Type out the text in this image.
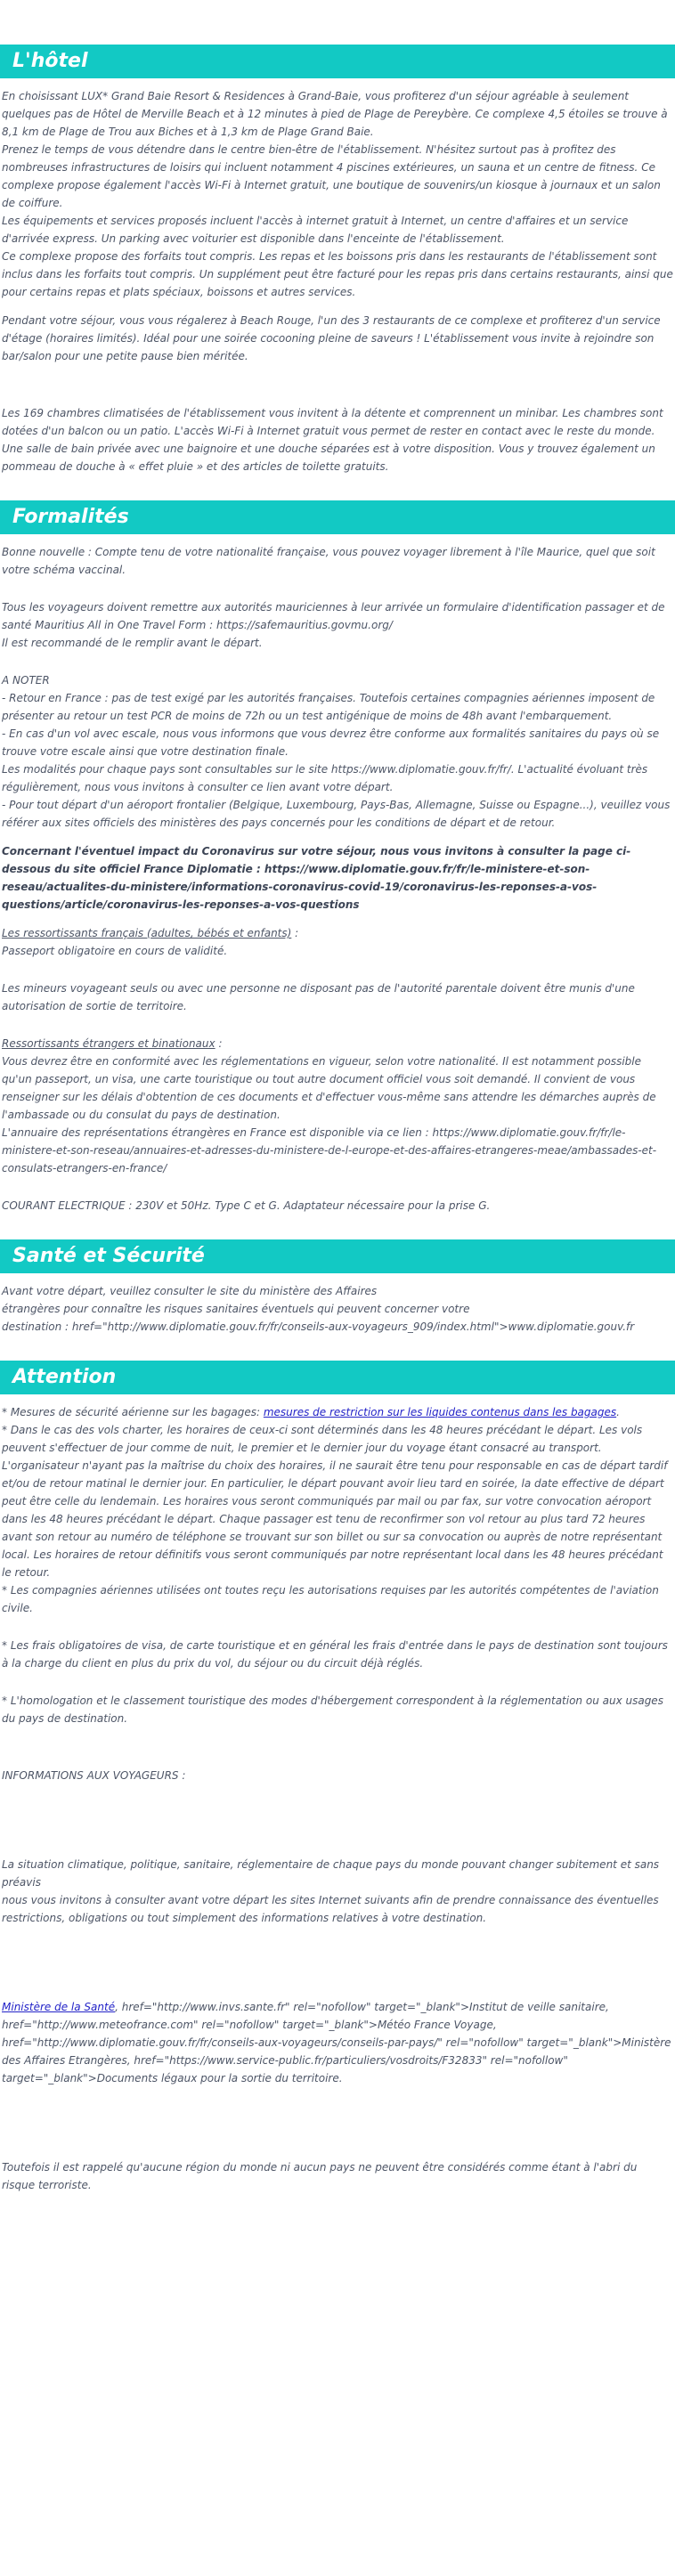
L'hôtel

En choisissant LUX* Grand Baie Resort & Residences à Grand-Baie, vous profiterez d'un séjour agréable à seulement quelques pas de Hôtel de Merville Beach et à 12 minutes à pied de Plage de Pereybère. Ce complexe 4,5 étoiles se trouve à 8,1 km de Plage de Trou aux Biches et à 1,3 km de Plage Grand Baie.

Prenez le temps de vous détendre dans le centre bien-être de l'établissement. N'hésitez surtout pas à profitez des nombreuses infrastructures de loisirs qui incluent notamment 4 piscines extérieures, un sauna et un centre de fitness. Ce complexe propose également l'accès Wi-Fi à Internet gratuit, une boutique de souvenirs/un kiosque à journaux et un salon de coiffure.

Les équipements et services proposés incluent l'accès à internet gratuit à Internet, un centre d'affaires et un service d'arrivée express. Un parking avec voiturier est disponible dans l'enceinte de l'établissement.

Ce complexe propose des forfaits tout compris. Les repas et les boissons pris dans les restaurants de l'établissement sont inclus dans les forfaits tout compris. Un supplément peut être facturé pour les repas pris dans certains restaurants, ainsi que pour certains repas et plats spéciaux, boissons et autres services.

Pendant votre séjour, vous vous régalerez à Beach Rouge, l'un des 3 restaurants de ce complexe et profiterez d'un service d'étage (horaires limités). Idéal pour une soirée cocooning pleine de saveurs ! L'établissement vous invite à rejoindre son bar/salon pour une petite pause bien méritée.

Les 169 chambres climatisées de l'établissement vous invitent à la détente et comprennent un minibar. Les chambres sont dotées d'un balcon ou un patio. L'accès Wi-Fi à Internet gratuit vous permet de rester en contact avec le reste du monde. Une salle de bain privée avec une baignoire et une douche séparées est à votre disposition. Vous y trouvez également un pommeau de douche à « effet pluie » et des articles de toilette gratuits.

Formalités

Bonne nouvelle : Compte tenu de votre nationalité française, vous pouvez voyager librement à l'île Maurice, quel que soit votre schéma vaccinal.

Tous les voyageurs doivent remettre aux autorités mauriciennes à leur arrivée un formulaire d'identification passager et de santé Mauritius All in One Travel Form : https://safemauritius.govmu.org/

Il est recommandé de le remplir avant le départ.

A NOTER

- Retour en France : pas de test exigé par les autorités françaises. Toutefois certaines compagnies aériennes imposent de présenter au retour un test PCR de moins de 72h ou un test antigénique de moins de 48h avant l'embarquement.

- En cas d'un vol avec escale, nous vous informons que vous devrez être conforme aux formalités sanitaires du pays où se trouve votre escale ainsi que votre destination finale.

Les modalités pour chaque pays sont consultables sur le site https://www.diplomatie.gouv.fr/fr/. L'actualité évoluant très régulièrement, nous vous invitons à consulter ce lien avant votre départ.

- Pour tout départ d'un aéroport frontalier (Belgique, Luxembourg, Pays-Bas, Allemagne, Suisse ou Espagne...), veuillez vous référer aux sites officiels des ministères des pays concernés pour les conditions de départ et de retour.

Concernant l'éventuel impact du Coronavirus sur votre séjour, nous vous invitons à consulter la page ci-dessous du site officiel France Diplomatie : https://www.diplomatie.gouv.fr/fr/le-ministere-et-son-reseau/actualites-du-ministere/informations-coronavirus-covid-19/coronavirus-les-reponses-a-vos-questions/article/coronavirus-les-reponses-a-vos-questions

Les ressortissants français (adultes, bébés et enfants) :

Passeport obligatoire en cours de validité.

Les mineurs voyageant seuls ou avec une personne ne disposant pas de l'autorité parentale doivent être munis d'une autorisation de sortie de territoire.

Ressortissants étrangers et binationaux :

Vous devrez être en conformité avec les réglementations en vigueur, selon votre nationalité. Il est notamment possible qu'un passeport, un visa, une carte touristique ou tout autre document officiel vous soit demandé. Il convient de vous renseigner sur les délais d'obtention de ces documents et d'effectuer vous-même sans attendre les démarches auprès de l'ambassade ou du consulat du pays de destination.

L'annuaire des représentations étrangères en France est disponible via ce lien : https://www.diplomatie.gouv.fr/fr/le-ministere-et-son-reseau/annuaires-et-adresses-du-ministere-de-l-europe-et-des-affaires-etrangeres-meae/ambassades-et-consulats-etrangers-en-france/

COURANT ELECTRIQUE : 230V et 50Hz. Type C et G. Adaptateur nécessaire pour la prise G.

Santé et Sécurité

Avant votre départ, veuillez consulter le site du ministère des Affaires

étrangères pour connaître les risques sanitaires éventuels qui peuvent concerner votre

destination : href="http://www.diplomatie.gouv.fr/fr/conseils-aux-voyageurs_909/index.html">www.diplomatie.gouv.fr

Attention

* Mesures de sécurité aérienne sur les bagages: mesures de restriction sur les liquides contenus dans les bagages.

* Dans le cas des vols charter, les horaires de ceux-ci sont déterminés dans les 48 heures précédant le départ. Les vols peuvent s'effectuer de jour comme de nuit, le premier et le dernier jour du voyage étant consacré au transport. L'organisateur n'ayant pas la maîtrise du choix des horaires, il ne saurait être tenu pour responsable en cas de départ tardif et/ou de retour matinal le dernier jour. En particulier, le départ pouvant avoir lieu tard en soirée, la date effective de départ peut être celle du lendemain. Les horaires vous seront communiqués par mail ou par fax, sur votre convocation aéroport dans les 48 heures précédant le départ. Chaque passager est tenu de reconfirmer son vol retour au plus tard 72 heures avant son retour au numéro de téléphone se trouvant sur son billet ou sur sa convocation ou auprès de notre représentant local. Les horaires de retour définitifs vous seront communiqués par notre représentant local dans les 48 heures précédant le retour.

* Les compagnies aériennes utilisées ont toutes reçu les autorisations requises par les autorités compétentes de l'aviation civile.

* Les frais obligatoires de visa, de carte touristique et en général les frais d'entrée dans le pays de destination sont toujours à la charge du client en plus du prix du vol, du séjour ou du circuit déjà réglés.

* L'homologation et le classement touristique des modes d'hébergement correspondent à la réglementation ou aux usages du pays de destination.

INFORMATIONS AUX VOYAGEURS :

La situation climatique, politique, sanitaire, réglementaire de chaque pays du monde pouvant changer subitement et sans préavis

nous vous invitons à consulter avant votre départ les sites Internet suivants afin de prendre connaissance des éventuelles restrictions, obligations ou tout simplement des informations relatives à votre destination.

Ministère de la Santé, href="http://www.invs.sante.fr" rel="nofollow" target="_blank">Institut de veille sanitaire, href="http://www.meteofrance.com" rel="nofollow" target="_blank">Météo France Voyage, href="http://www.diplomatie.gouv.fr/fr/conseils-aux-voyageurs/conseils-par-pays/" rel="nofollow" target="_blank">Ministère des Affaires Etrangères, href="https://www.service-public.fr/particuliers/vosdroits/F32833" rel="nofollow" target="_blank">Documents légaux pour la sortie du territoire.

Toutefois il est rappelé qu'aucune région du monde ni aucun pays ne peuvent être considérés comme étant à l'abri du risque terroriste.
